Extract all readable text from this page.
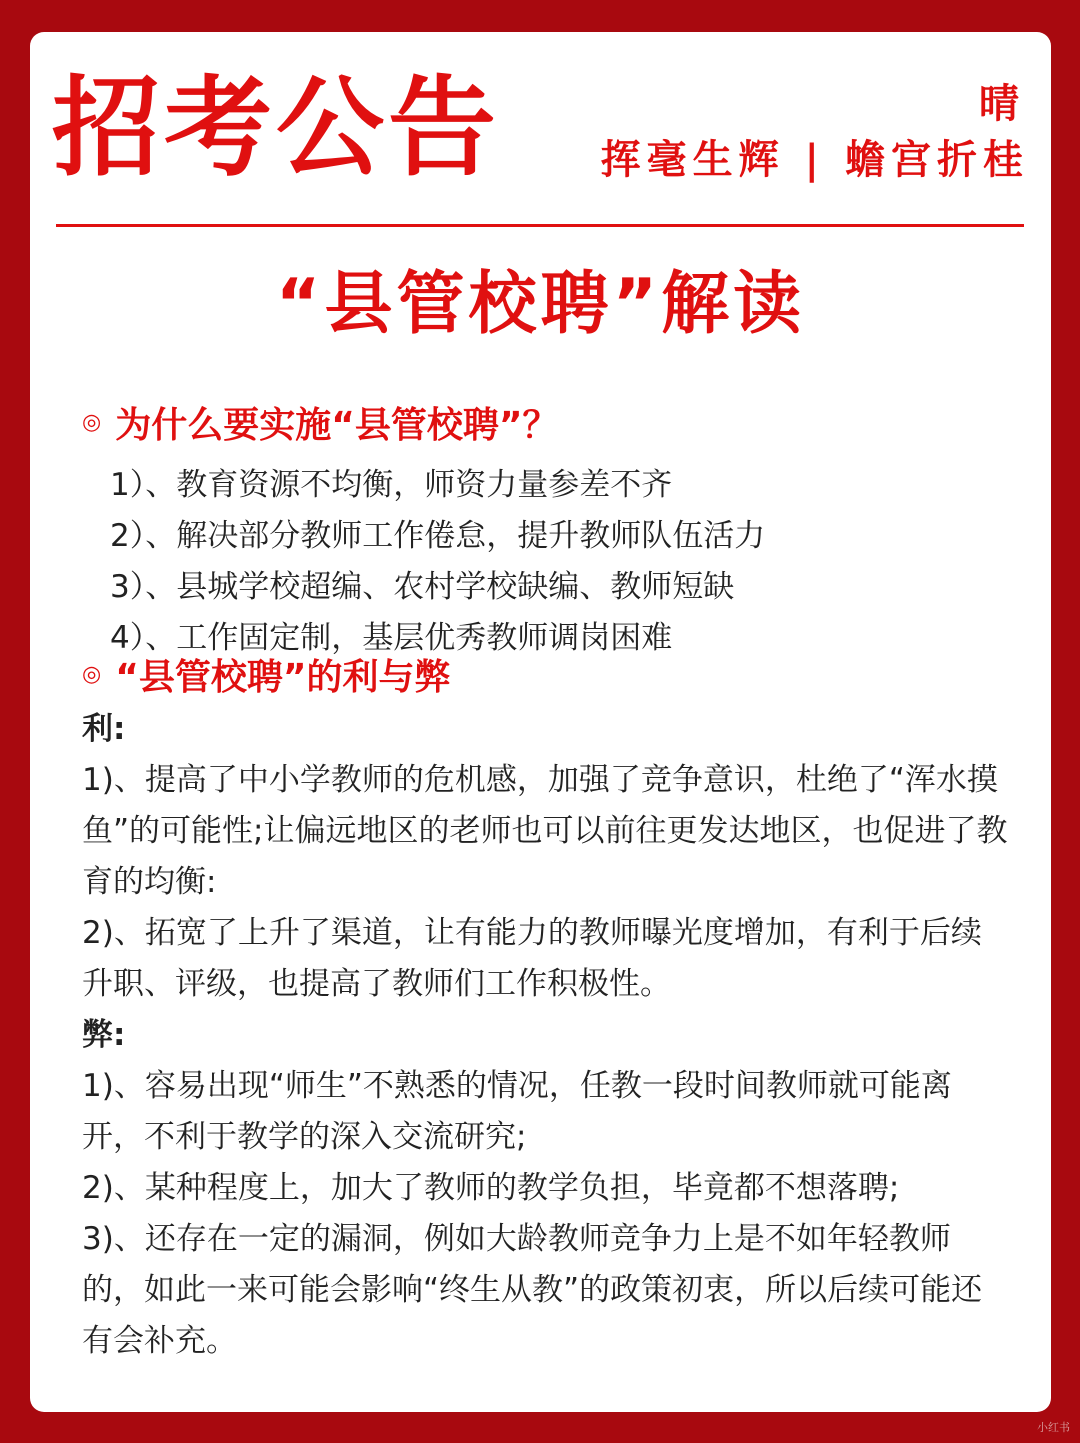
招考公告	晴
挥毫生辉 | 蟾宫折桂
“县管校聘”解读
◎ 为什么要实施“县管校聘”？
1）、教育资源不均衡，师资力量参差不齐
2）、解决部分教师工作倦怠，提升教师队伍活力
3）、县城学校超编、农村学校缺编、教师短缺
4）、工作固定制，基层优秀教师调岗困难
◎ “县管校聘”的利与弊
利:

1)、提高了中小学教师的危机感，加强了竞争意识，杜绝了“浑水摸鱼”的可能性;让偏远地区的老师也可以前往更发达地区，也促进了教育的均衡:

2)、拓宽了上升了渠道，让有能力的教师曝光度增加，有利于后续升职、评级，也提高了教师们工作积极性。

弊:

1)、容易出现“师生”不熟悉的情况，任教一段时间教师就可能离开，不利于教学的深入交流研究;

2)、某种程度上，加大了教师的教学负担，毕竟都不想落聘;

3)、还存在一定的漏洞，例如大龄教师竞争力上是不如年轻教师的，如此一来可能会影响“终生从教”的政策初衷，所以后续可能还有会补充。

小红书
